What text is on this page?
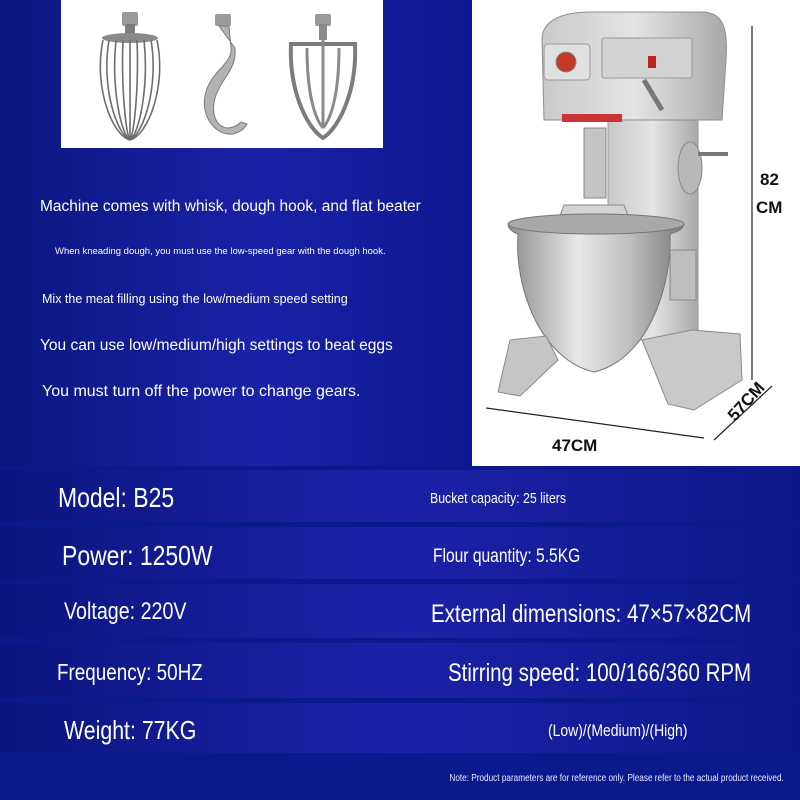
Machine comes with whisk, dough hook, and flat beater
When kneading dough, you must use the low-speed gear with the dough hook.
Mix the meat filling using the low/medium speed setting
You can use low/medium/high settings to beat eggs
You must turn off the power to change gears.
82
CM
47CM
57CM
Model: B25	Bucket capacity: 25 liters
Power: 1250W	Flour quantity: 5.5KG
Voltage: 220V	External dimensions: 47×57×82CM
Frequency: 50HZ	Stirring speed: 100/166/360 RPM
Weight: 77KG	(Low)/(Medium)/(High)
Note: Product parameters are for reference only. Please refer to the actual product received.
